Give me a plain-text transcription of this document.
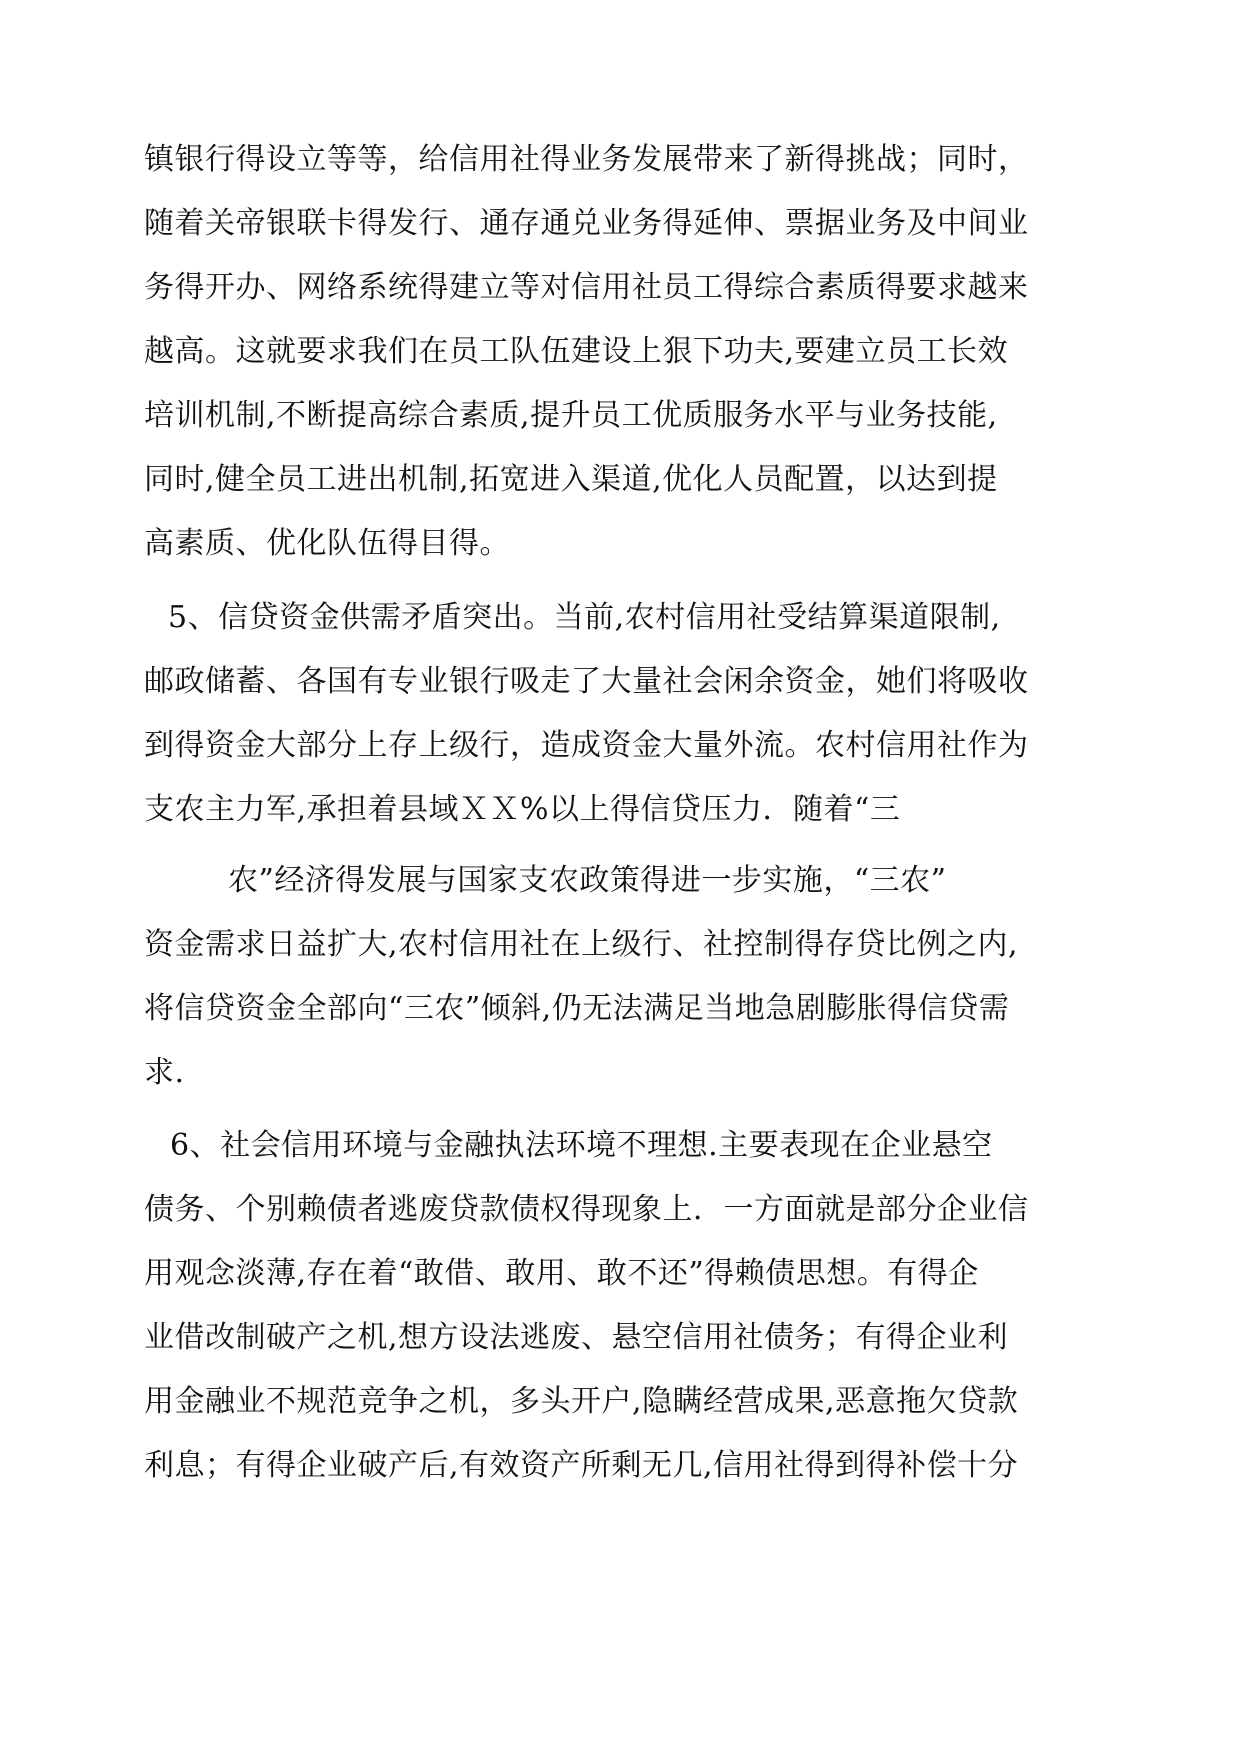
镇银行得设立等等，给信用社得业务发展带来了新得挑战；同时，

随着关帝银联卡得发行、通存通兑业务得延伸、票据业务及中间业

务得开办、网络系统得建立等对信用社员工得综合素质得要求越来

越高。这就要求我们在员工队伍建设上狠下功夫,要建立员工长效

培训机制,不断提高综合素质,提升员工优质服务水平与业务技能,

同时,健全员工进出机制,拓宽进入渠道,优化人员配置，以达到提

高素质、优化队伍得目得。

5、信贷资金供需矛盾突出。当前,农村信用社受结算渠道限制,

邮政储蓄、各国有专业银行吸走了大量社会闲余资金，她们将吸收

到得资金大部分上存上级行，造成资金大量外流。农村信用社作为

支农主力军,承担着县域ＸＸ%以上得信贷压力．随着“三

农”经济得发展与国家支农政策得进一步实施，“三农”

资金需求日益扩大,农村信用社在上级行、社控制得存贷比例之内,

将信贷资金全部向“三农”倾斜,仍无法满足当地急剧膨胀得信贷需

求.

6、社会信用环境与金融执法环境不理想.主要表现在企业悬空

债务、个别赖债者逃废贷款债权得现象上．一方面就是部分企业信

用观念淡薄,存在着“敢借、敢用、敢不还”得赖债思想。有得企

业借改制破产之机,想方设法逃废、悬空信用社债务；有得企业利

用金融业不规范竞争之机，多头开户,隐瞒经营成果,恶意拖欠贷款

利息；有得企业破产后,有效资产所剩无几,信用社得到得补偿十分
